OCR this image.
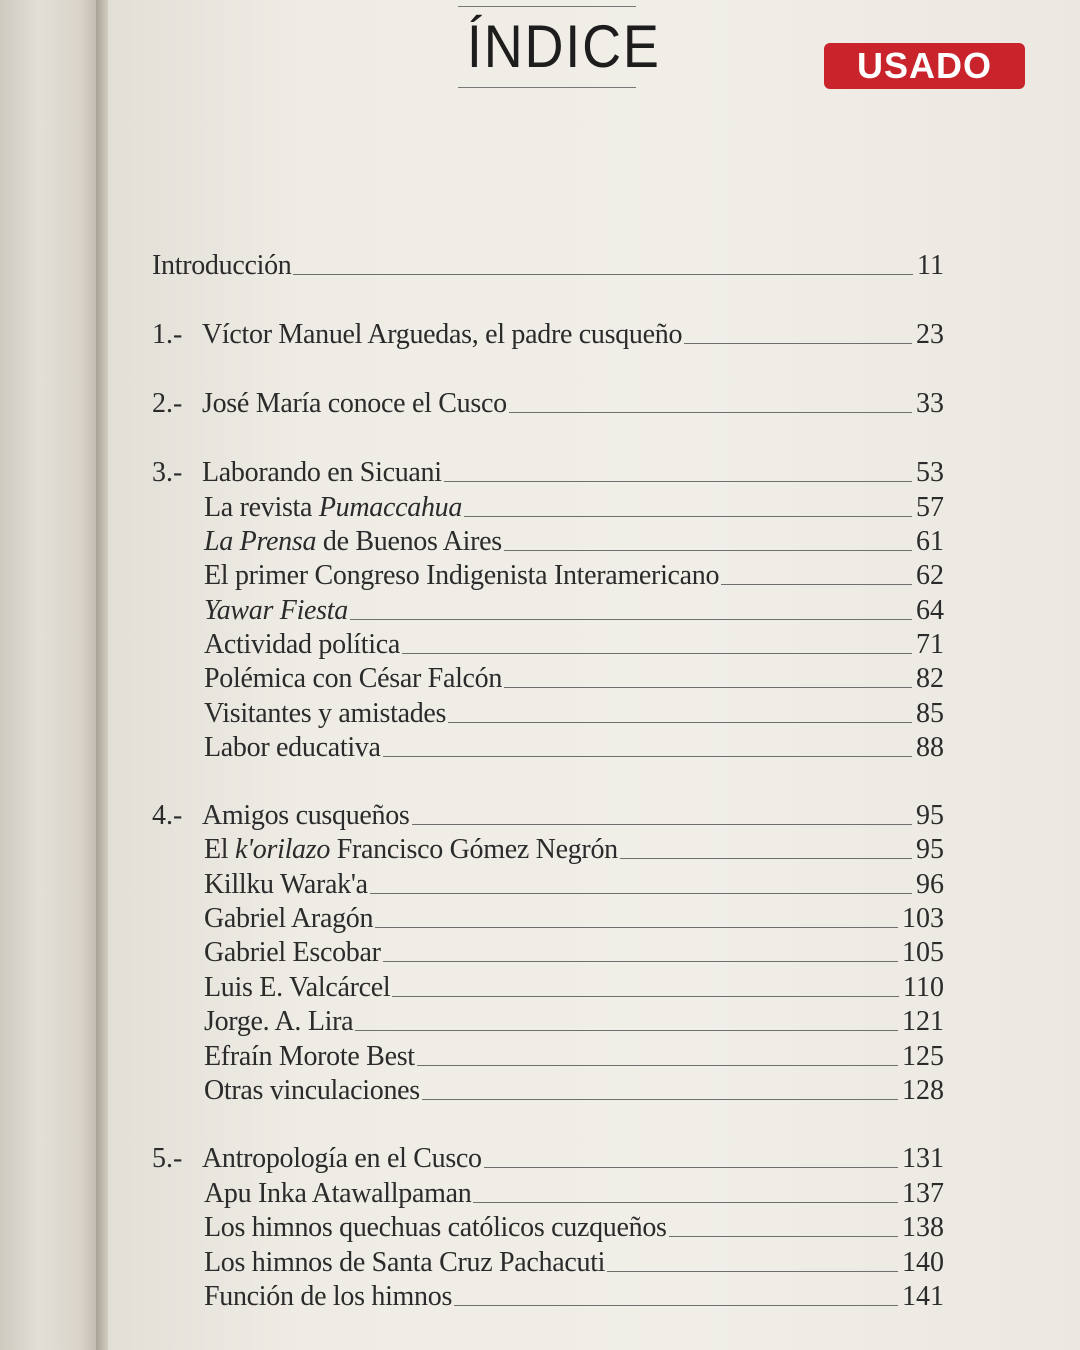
ÍNDICE	USADO
Introducción	11
1.- Víctor Manuel Arguedas, el padre cusqueño	23
2.- José María conoce el Cusco	33
3.- Laborando en Sicuani	53
La revista Pumaccahua	57
La Prensa de Buenos Aires	61
El primer Congreso Indigenista Interamericano	62
Yawar Fiesta	64
Actividad política	71
Polémica con César Falcón	82
Visitantes y amistades	85
Labor educativa	88
4.- Amigos cusqueños	95
El k'orilazo Francisco Gómez Negrón	95
Killku Warak'a	96
Gabriel Aragón	103
Gabriel Escobar	105
Luis E. Valcárcel	110
Jorge. A. Lira	121
Efraín Morote Best	125
Otras vinculaciones	128
5.- Antropología en el Cusco	131
Apu Inka Atawallpaman	137
Los himnos quechuas católicos cuzqueños	138
Los himnos de Santa Cruz Pachacuti	140
Función de los himnos	141
